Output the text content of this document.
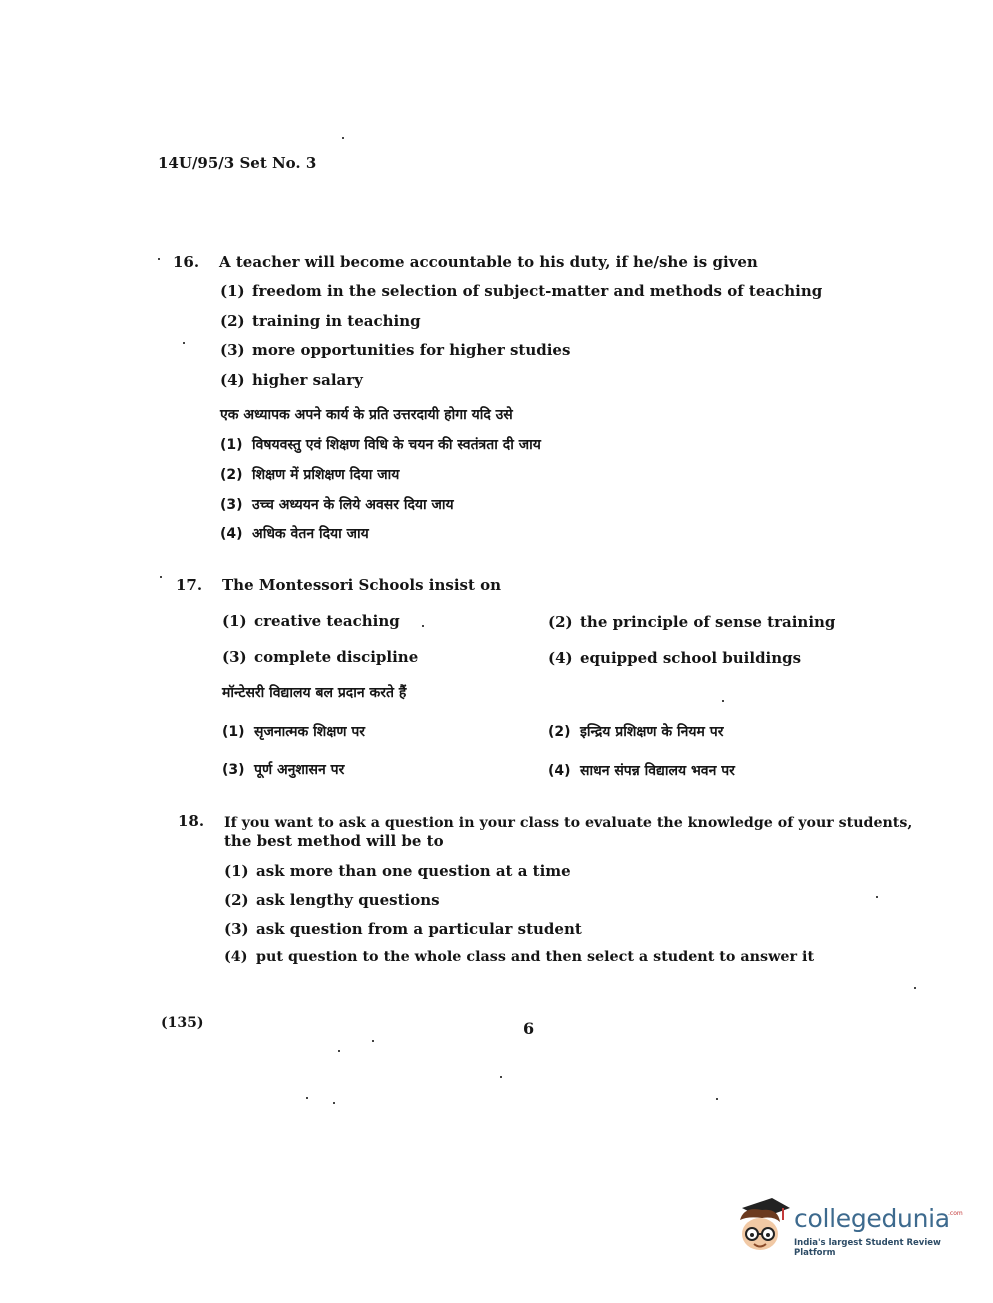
14U/95/3 Set No. 3
16. A teacher will become accountable to his duty, if he/she is given
(1) freedom in the selection of subject-matter and methods of teaching
(2) training in teaching
(3) more opportunities for higher studies
(4) higher salary
एक अध्यापक अपने कार्य के प्रति उत्तरदायी होगा यदि उसे
(1) विषयवस्तु एवं शिक्षण विधि के चयन की स्वतंत्रता दी जाय
(2) शिक्षण में प्रशिक्षण दिया जाय
(3) उच्च अध्ययन के लिये अवसर दिया जाय
(4) अधिक वेतन दिया जाय
17. The Montessori Schools insist on
(1) creative teaching	(2) the principle of sense training
(3) complete discipline	(4) equipped school buildings
मॉन्टेसरी विद्यालय बल प्रदान करते हैं
(1) सृजनात्मक शिक्षण पर	(2) इन्द्रिय प्रशिक्षण के नियम पर
(3) पूर्ण अनुशासन पर	(4) साधन संपन्न विद्यालय भवन पर
18. If you want to ask a question in your class to evaluate the knowledge of your students,
the best method will be to
(1) ask more than one question at a time
(2) ask lengthy questions
(3) ask question from a particular student
(4) put question to the whole class and then select a student to answer it
(135)	6
collegedunia
.com
India's largest Student Review Platform
